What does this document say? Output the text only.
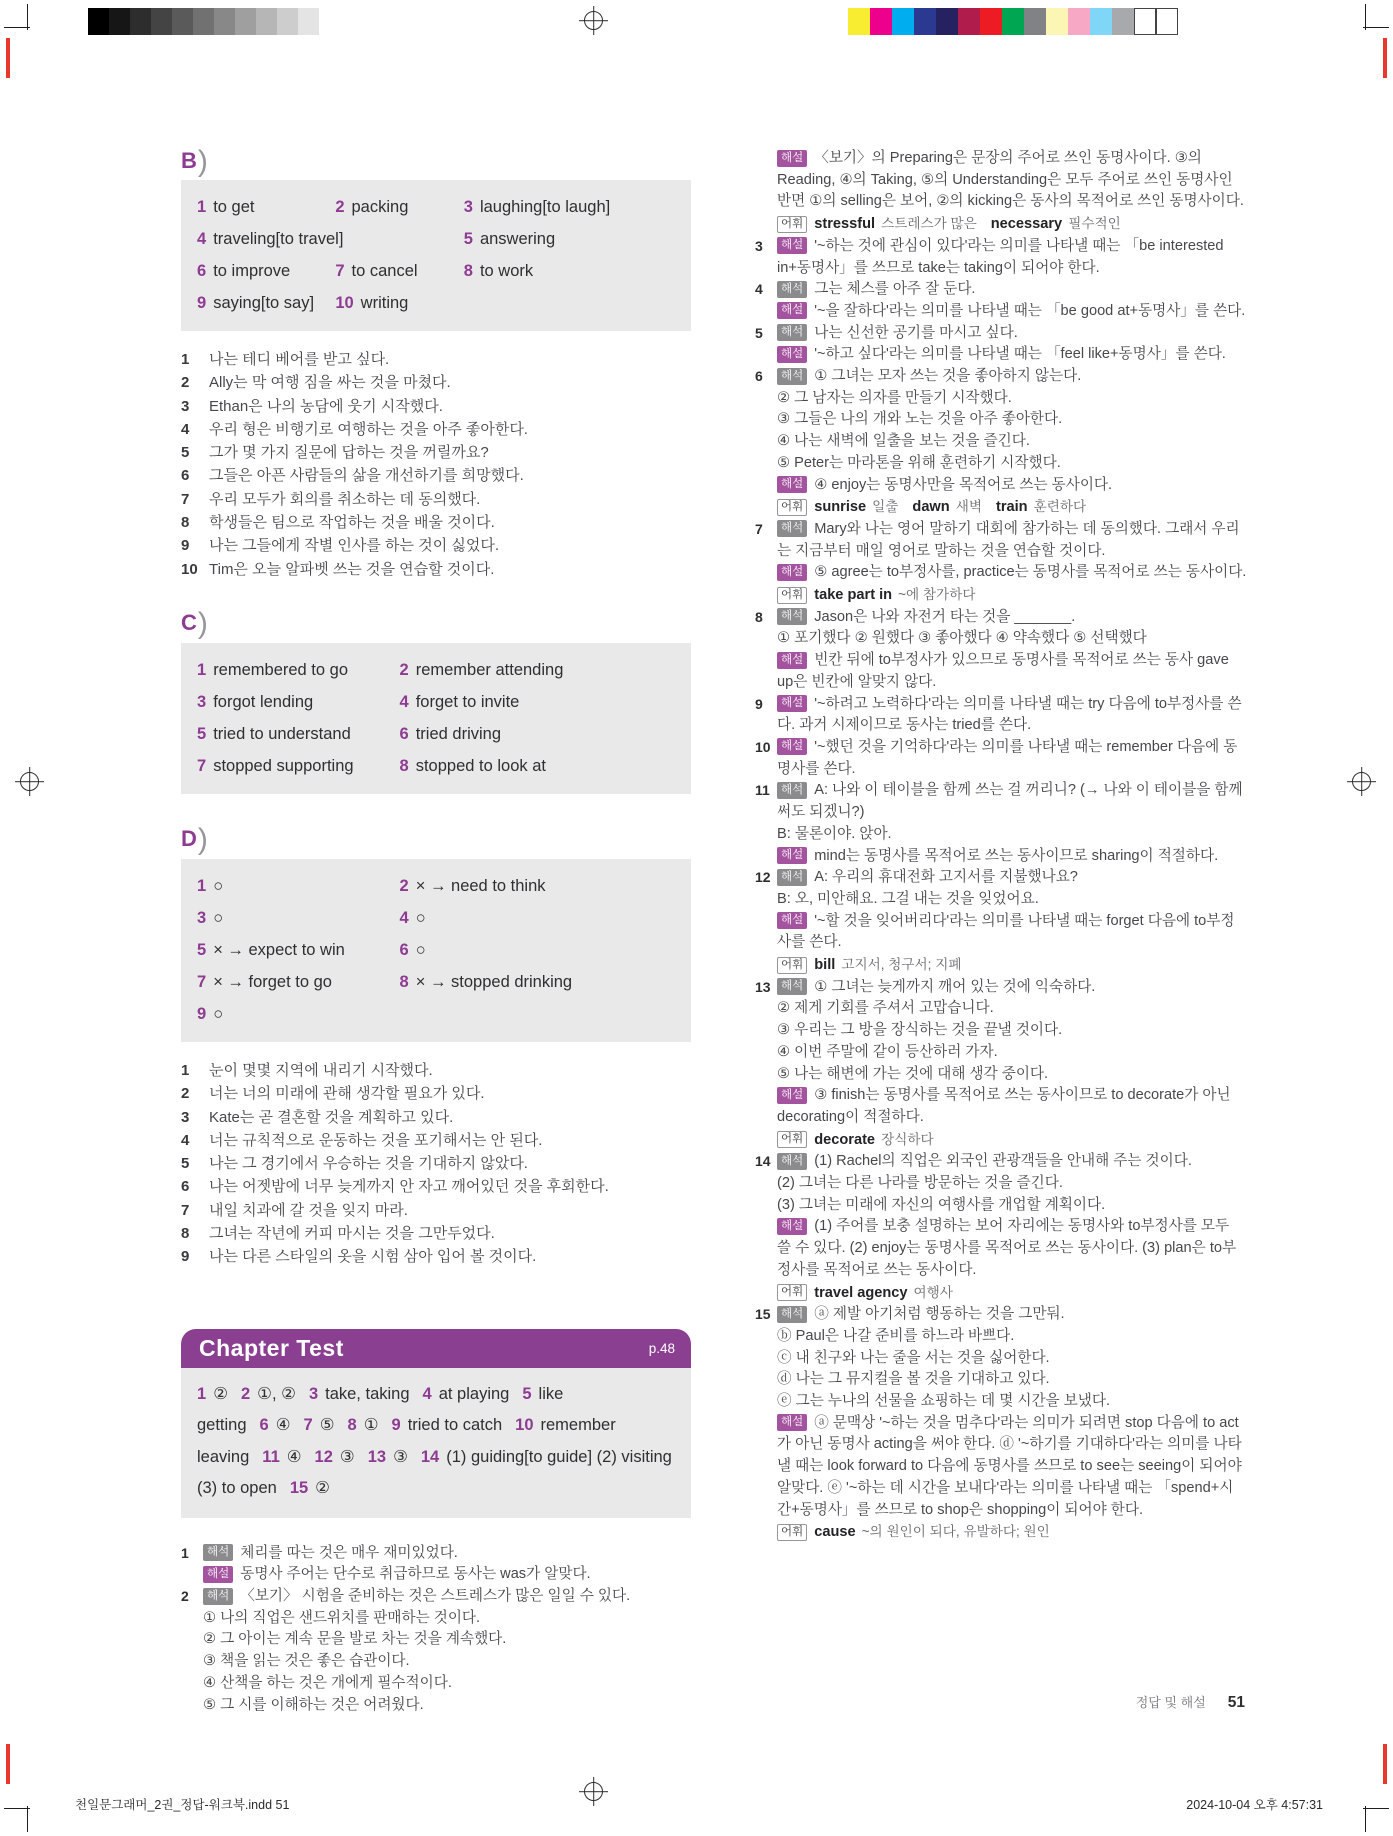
B )
1 to get	2 packing	3 laughing[to laugh]
4 traveling[to travel]	5 answering
6 to improve	7 to cancel	8 to work
9 saying[to say]	10 writing
1	나는 테디 베어를 받고 싶다.
2	Ally는 막 여행 짐을 싸는 것을 마쳤다.
3	Ethan은 나의 농담에 웃기 시작했다.
4	우리 형은 비행기로 여행하는 것을 아주 좋아한다.
5	그가 몇 가지 질문에 답하는 것을 꺼릴까요?
6	그들은 아픈 사람들의 삶을 개선하기를 희망했다.
7	우리 모두가 회의를 취소하는 데 동의했다.
8	학생들은 팀으로 작업하는 것을 배울 것이다.
9	나는 그들에게 작별 인사를 하는 것이 싫었다.
10 Tim은 오늘 알파벳 쓰는 것을 연습할 것이다.
C )
1 remembered to go	2 remember attending
3 forgot lending	4 forget to invite
5 tried to understand	6 tried driving
7 stopped supporting	8 stopped to look at
D )
1 ○	2 × → need to think
3 ○	4 ○
5 × → expect to win	6 ○
7 × → forget to go	8 × → stopped drinking
9 ○
1	눈이 몇몇 지역에 내리기 시작했다.
2	너는 너의 미래에 관해 생각할 필요가 있다.
3	Kate는 곧 결혼할 것을 계획하고 있다.
4	너는 규칙적으로 운동하는 것을 포기해서는 안 된다.
5	나는 그 경기에서 우승하는 것을 기대하지 않았다.
6	나는 어젯밤에 너무 늦게까지 안 자고 깨어있던 것을 후회한다.
7	내일 치과에 갈 것을 잊지 마라.
8	그녀는 작년에 커피 마시는 것을 그만두었다.
9	나는 다른 스타일의 옷을 시험 삼아 입어 볼 것이다.
Chapter Test	p.48
1 ② 2 ①, ② 3 take, taking 4 at playing 5 like getting 6 ④ 7 ⑤ 8 ① 9 tried to catch 10 remember leaving 11 ④ 12 ③ 13 ③ 14 (1) guiding[to guide] (2) visiting (3) to open 15 ②
1	해석 체리를 따는 것은 매우 재미있었다.
해설 동명사 주어는 단수로 취급하므로 동사는 was가 알맞다.
2	해석 〈보기〉 시험을 준비하는 것은 스트레스가 많은 일일 수 있다.
① 나의 직업은 샌드위치를 판매하는 것이다.
② 그 아이는 계속 문을 발로 차는 것을 계속했다.
③ 책을 읽는 것은 좋은 습관이다.
④ 산책을 하는 것은 개에게 필수적이다.
⑤ 그 시를 이해하는 것은 어려웠다.
해설 〈보기〉의 Preparing은 문장의 주어로 쓰인 동명사이다. ③의 Reading, ④의 Taking, ⑤의 Understanding은 모두 주어로 쓰인 동명사인 반면 ①의 selling은 보어, ②의 kicking은 동사의 목적어로 쓰인 동명사이다.
어휘 stressful 스트레스가 많은 necessary 필수적인
3	해설 '~하는 것에 관심이 있다'라는 의미를 나타낼 때는 「be interested in+동명사」를 쓰므로 take는 taking이 되어야 한다.
4	해석 그는 체스를 아주 잘 둔다.
해설 '~을 잘하다'라는 의미를 나타낼 때는 「be good at+동명사」를 쓴다.
5	해석 나는 신선한 공기를 마시고 싶다.
해설 '~하고 싶다'라는 의미를 나타낼 때는 「feel like+동명사」를 쓴다.
6	해석 ① 그녀는 모자 쓰는 것을 좋아하지 않는다.
② 그 남자는 의자를 만들기 시작했다.
③ 그들은 나의 개와 노는 것을 아주 좋아한다.
④ 나는 새벽에 일출을 보는 것을 즐긴다.
⑤ Peter는 마라톤을 위해 훈련하기 시작했다.
해설 ④ enjoy는 동명사만을 목적어로 쓰는 동사이다.
어휘 sunrise 일출 dawn 새벽 train 훈련하다
7	해석 Mary와 나는 영어 말하기 대회에 참가하는 데 동의했다. 그래서 우리는 지금부터 매일 영어로 말하는 것을 연습할 것이다.
해설 ⑤ agree는 to부정사를, practice는 동명사를 목적어로 쓰는 동사이다.
어휘 take part in ~에 참가하다
8	해석 Jason은 나와 자전거 타는 것을 _______.
① 포기했다 ② 원했다 ③ 좋아했다 ④ 약속했다 ⑤ 선택했다
해설 빈칸 뒤에 to부정사가 있으므로 동명사를 목적어로 쓰는 동사 gave up은 빈칸에 알맞지 않다.
9	해설 '~하려고 노력하다'라는 의미를 나타낼 때는 try 다음에 to부정사를 쓴다. 과거 시제이므로 동사는 tried를 쓴다.
10 해설 '~했던 것을 기억하다'라는 의미를 나타낼 때는 remember 다음에 동명사를 쓴다.
11 해석 A: 나와 이 테이블을 함께 쓰는 걸 꺼리니? (→ 나와 이 테이블을 함께 써도 되겠니?)
B: 물론이야. 앉아.
해설 mind는 동명사를 목적어로 쓰는 동사이므로 sharing이 적절하다.
12 해석 A: 우리의 휴대전화 고지서를 지불했나요?
B: 오, 미안해요. 그걸 내는 것을 잊었어요.
해설 '~할 것을 잊어버리다'라는 의미를 나타낼 때는 forget 다음에 to부정사를 쓴다.
어휘 bill 고지서, 청구서; 지폐
13 해석 ① 그녀는 늦게까지 깨어 있는 것에 익숙하다.
② 제게 기회를 주셔서 고맙습니다.
③ 우리는 그 방을 장식하는 것을 끝낼 것이다.
④ 이번 주말에 같이 등산하러 가자.
⑤ 나는 해변에 가는 것에 대해 생각 중이다.
해설 ③ finish는 동명사를 목적어로 쓰는 동사이므로 to decorate가 아닌 decorating이 적절하다.
어휘 decorate 장식하다
14 해석 (1) Rachel의 직업은 외국인 관광객들을 안내해 주는 것이다.
(2) 그녀는 다른 나라를 방문하는 것을 즐긴다.
(3) 그녀는 미래에 자신의 여행사를 개업할 계획이다.
해설 (1) 주어를 보충 설명하는 보어 자리에는 동명사와 to부정사를 모두 쓸 수 있다. (2) enjoy는 동명사를 목적어로 쓰는 동사이다. (3) plan은 to부정사를 목적어로 쓰는 동사이다.
어휘 travel agency 여행사
15 해석 ⓐ 제발 아기처럼 행동하는 것을 그만둬.
ⓑ Paul은 나갈 준비를 하느라 바쁘다.
ⓒ 내 친구와 나는 줄을 서는 것을 싫어한다.
ⓓ 나는 그 뮤지컬을 볼 것을 기대하고 있다.
ⓔ 그는 누나의 선물을 쇼핑하는 데 몇 시간을 보냈다.
해설 ⓐ 문맥상 '~하는 것을 멈추다'라는 의미가 되려면 stop 다음에 to act가 아닌 동명사 acting을 써야 한다. ⓓ '~하기를 기대하다'라는 의미를 나타낼 때는 look forward to 다음에 동명사를 쓰므로 to see는 seeing이 되어야 알맞다. ⓔ '~하는 데 시간을 보내다'라는 의미를 나타낼 때는 「spend+시간+동명사」를 쓰므로 to shop은 shopping이 되어야 한다.
어휘 cause ~의 원인이 되다, 유발하다; 원인
정답 및 해설 51
천일문그래머_2권_정답-워크북.indd 51	2024-10-04 오후 4:57:31
